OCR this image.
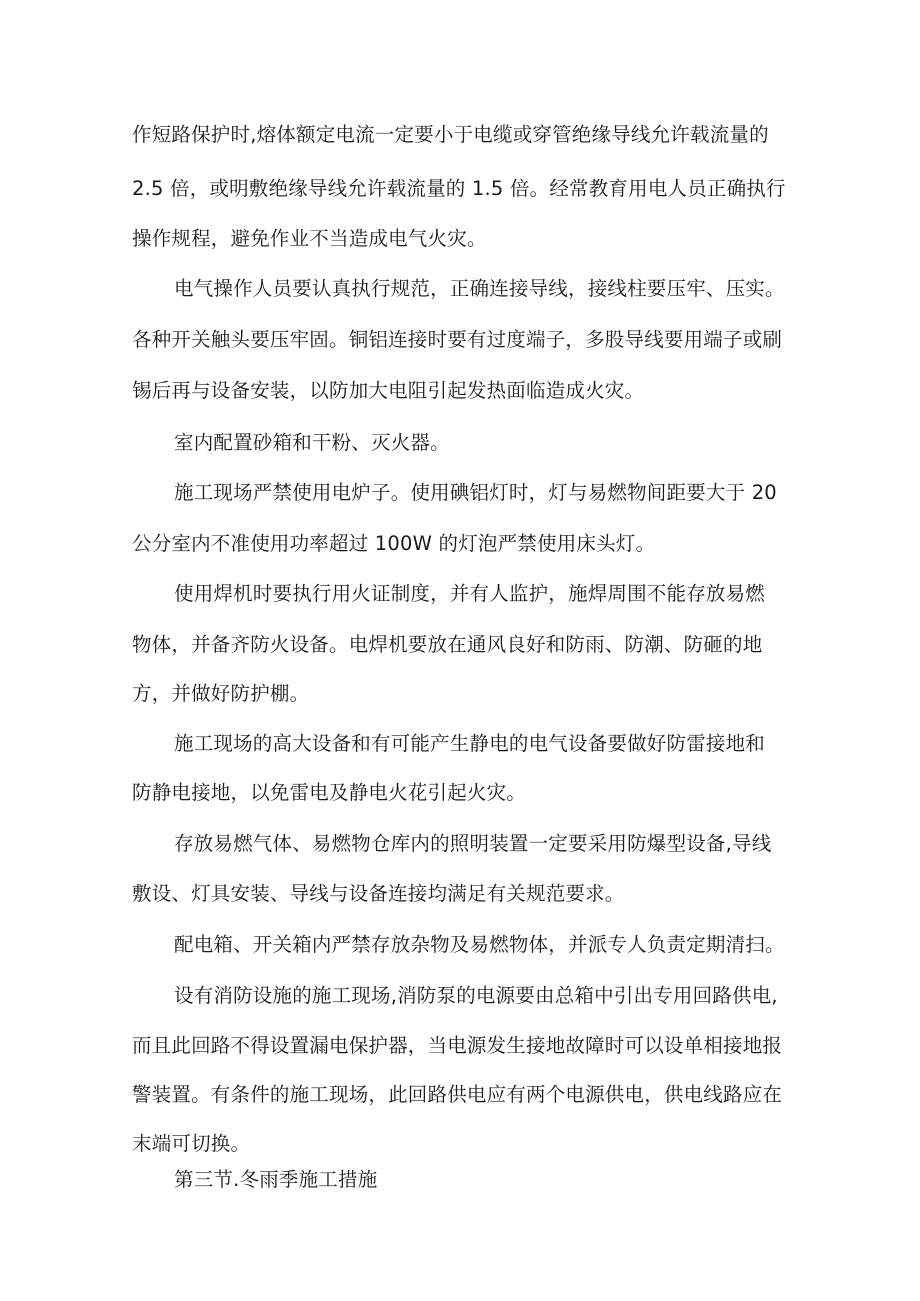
作短路保护时,熔体额定电流一定要小于电缆或穿管绝缘导线允许载流量的
2.5 倍，或明敷绝缘导线允许载流量的 1.5 倍。经常教育用电人员正确执行
操作规程，避免作业不当造成电气火灾。
电气操作人员要认真执行规范，正确连接导线，接线柱要压牢、压实。
各种开关触头要压牢固。铜铝连接时要有过度端子，多股导线要用端子或刷
锡后再与设备安装，以防加大电阻引起发热面临造成火灾。
室内配置砂箱和干粉、灭火器。
施工现场严禁使用电炉子。使用碘铝灯时，灯与易燃物间距要大于 20
公分室内不准使用功率超过 100W 的灯泡严禁使用床头灯。
使用焊机时要执行用火证制度，并有人监护，施焊周围不能存放易燃
物体，并备齐防火设备。电焊机要放在通风良好和防雨、防潮、防砸的地
方，并做好防护棚。
施工现场的高大设备和有可能产生静电的电气设备要做好防雷接地和
防静电接地，以免雷电及静电火花引起火灾。
存放易燃气体、易燃物仓库内的照明装置一定要采用防爆型设备,导线
敷设、灯具安装、导线与设备连接均满足有关规范要求。
配电箱、开关箱内严禁存放杂物及易燃物体，并派专人负责定期清扫。
设有消防设施的施工现场,消防泵的电源要由总箱中引出专用回路供电,
而且此回路不得设置漏电保护器，当电源发生接地故障时可以设单相接地报
警装置。有条件的施工现场，此回路供电应有两个电源供电，供电线路应在
末端可切换。
第三节.冬雨季施工措施
